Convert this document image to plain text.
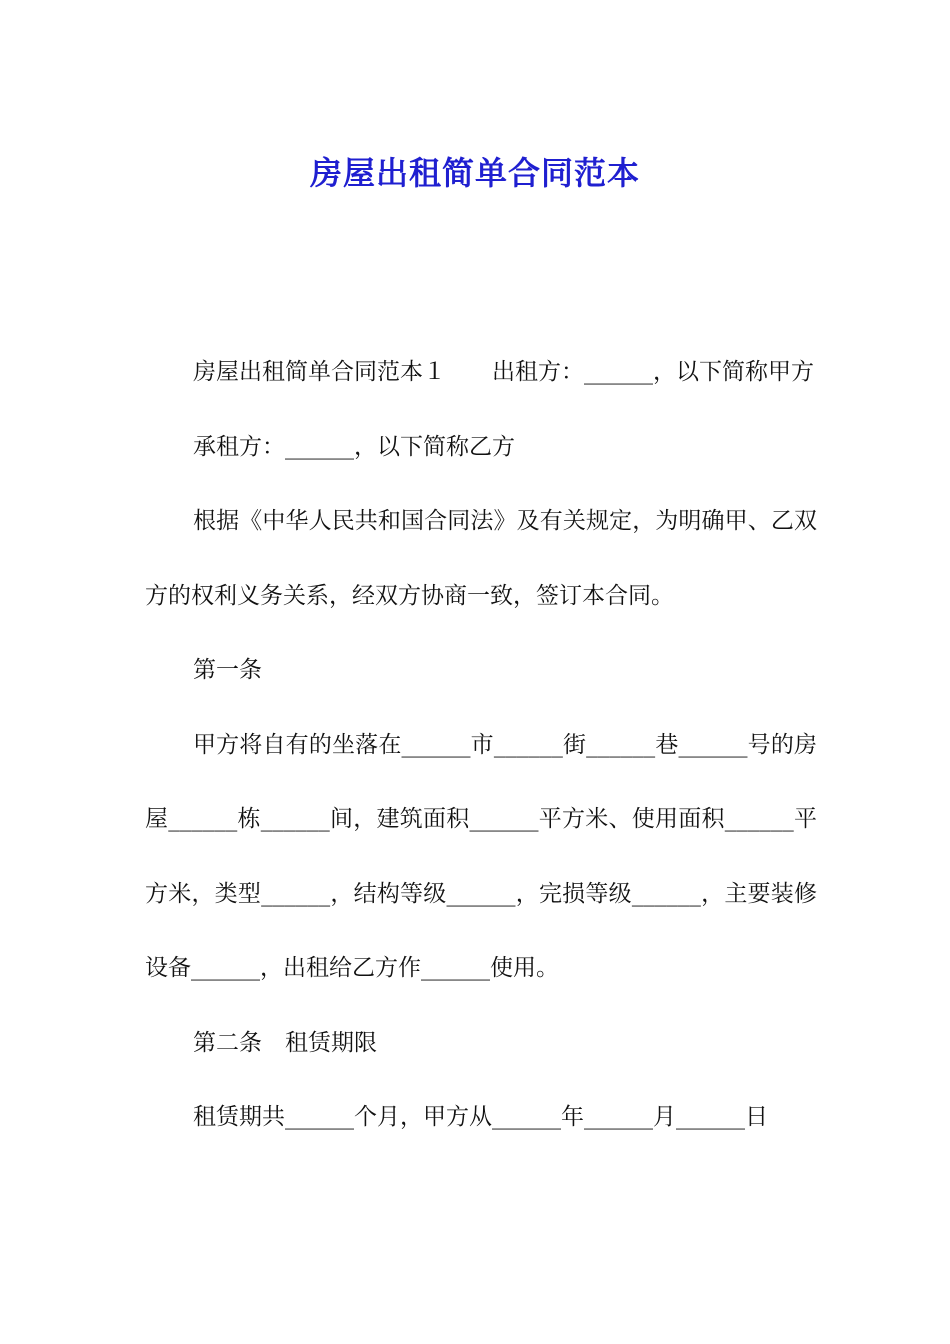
房屋出租简单合同范本

房屋出租简单合同范本１　　出租方：______，以下简称甲方

承租方：______，以下简称乙方

根据《中华人民共和国合同法》及有关规定，为明确甲、乙双方的权利义务关系，经双方协商一致，签订本合同。

第一条

甲方将自有的坐落在______市______街______巷______号的房屋______栋______间，建筑面积______平方米、使用面积______平方米，类型______，结构等级______，完损等级______，主要装修设备______，出租给乙方作______使用。

第二条　租赁期限

租赁期共______个月，甲方从______年______月______日
